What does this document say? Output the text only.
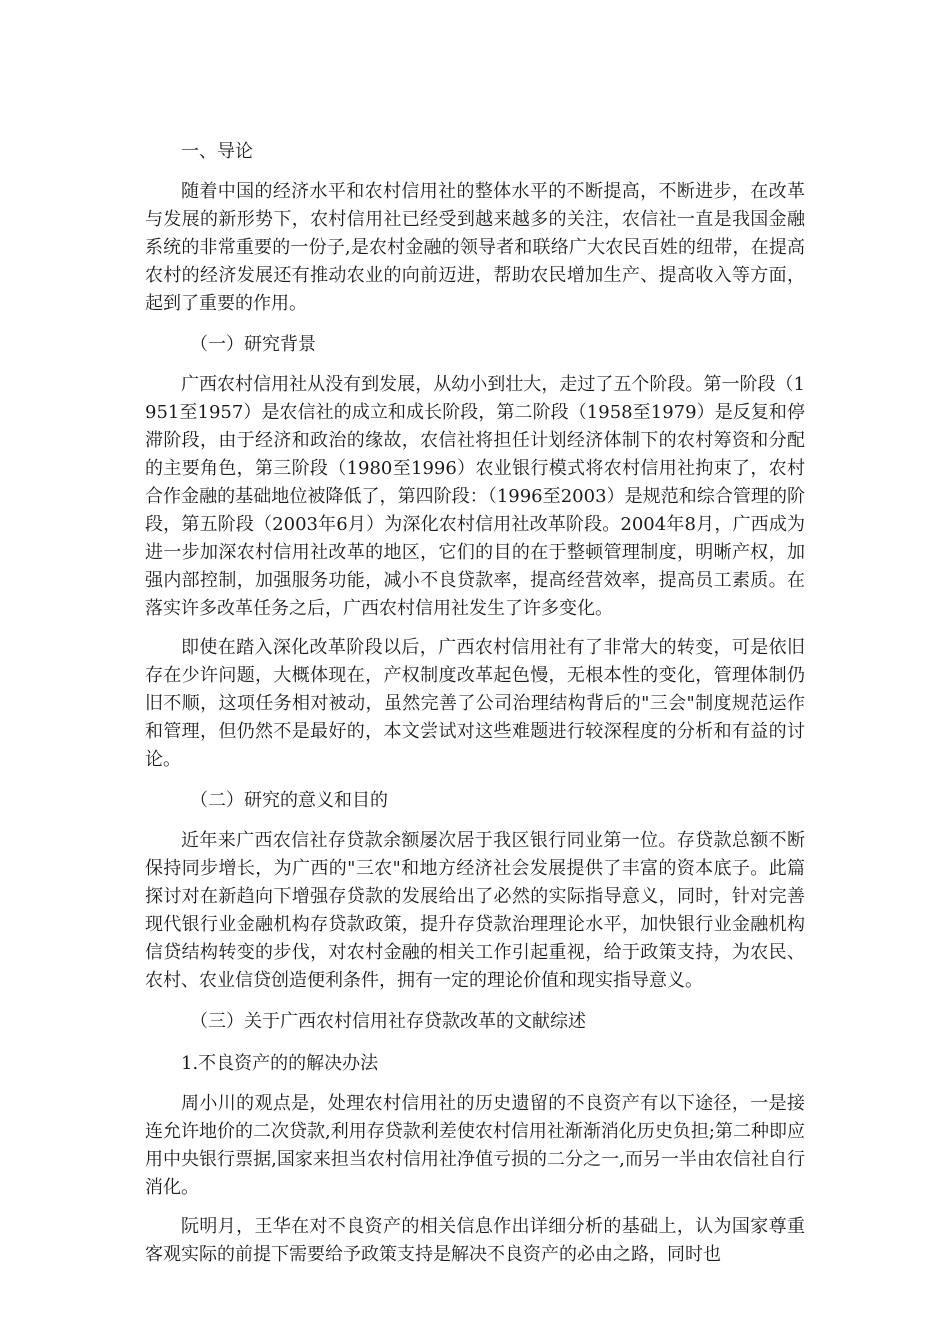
一、导论

随着中国的经济水平和农村信用社的整体水平的不断提高，不断进步，在改革与发展的新形势下，农村信用社已经受到越来越多的关注，农信社一直是我国金融系统的非常重要的一份子,是农村金融的领导者和联络广大农民百姓的纽带，在提高农村的经济发展还有推动农业的向前迈进，帮助农民增加生产、提高收入等方面，起到了重要的作用。

（一）研究背景

广西农村信用社从没有到发展，从幼小到壮大，走过了五个阶段。第一阶段（1951至1957）是农信社的成立和成长阶段，第二阶段（1958至1979）是反复和停滞阶段，由于经济和政治的缘故，农信社将担任计划经济体制下的农村筹资和分配的主要角色，第三阶段（1980至1996）农业银行模式将农村信用社拘束了，农村合作金融的基础地位被降低了，第四阶段：（1996至2003）是规范和综合管理的阶段，第五阶段（2003年6月）为深化农村信用社改革阶段。2004年8月，广西成为进一步加深农村信用社改革的地区，它们的目的在于整顿管理制度，明晰产权，加强内部控制，加强服务功能，减小不良贷款率，提高经营效率，提高员工素质。在落实许多改革任务之后，广西农村信用社发生了许多变化。

即使在踏入深化改革阶段以后，广西农村信用社有了非常大的转变，可是依旧存在少许问题，大概体现在，产权制度改革起色慢，无根本性的变化，管理体制仍旧不顺，这项任务相对被动，虽然完善了公司治理结构背后的"三会"制度规范运作和管理，但仍然不是最好的，本文尝试对这些难题进行较深程度的分析和有益的讨论。

（二）研究的意义和目的

近年来广西农信社存贷款余额屡次居于我区银行同业第一位。存贷款总额不断保持同步增长，为广西的"三农"和地方经济社会发展提供了丰富的资本底子。此篇探讨对在新趋向下增强存贷款的发展给出了必然的实际指导意义，同时，针对完善现代银行业金融机构存贷款政策，提升存贷款治理理论水平，加快银行业金融机构信贷结构转变的步伐，对农村金融的相关工作引起重视，给于政策支持，为农民、农村、农业信贷创造便利条件，拥有一定的理论价值和现实指导意义。

（三）关于广西农村信用社存贷款改革的文献综述

1.不良资产的的解决办法

周小川的观点是，处理农村信用社的历史遗留的不良资产有以下途径，一是接连允许地价的二次贷款,利用存贷款利差使农村信用社渐渐消化历史负担;第二种即应用中央银行票据,国家来担当农村信用社净值亏损的二分之一,而另一半由农信社自行消化。

阮明月，王华在对不良资产的相关信息作出详细分析的基础上，认为国家尊重客观实际的前提下需要给予政策支持是解决不良资产的必由之路，同时也
